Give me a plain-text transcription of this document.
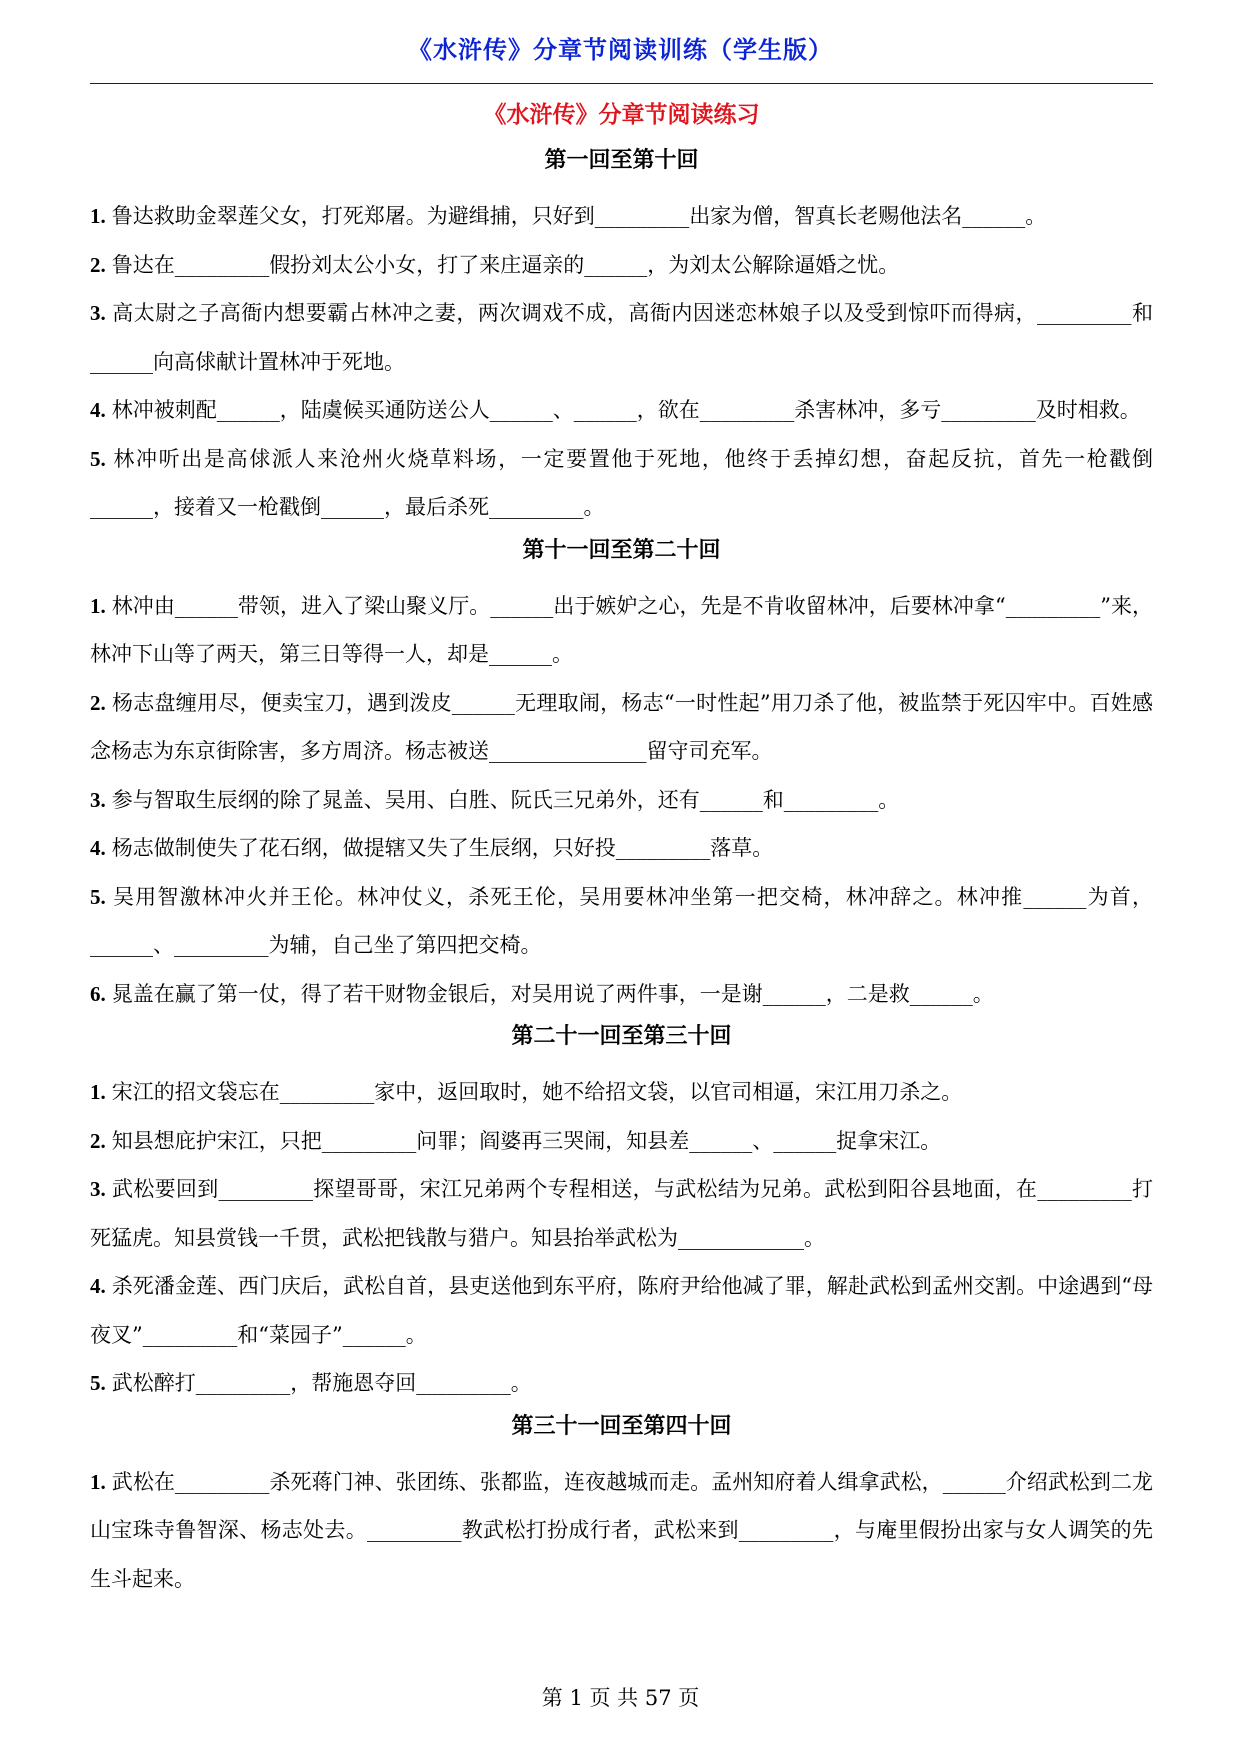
《水浒传》分章节阅读训练（学生版）
《水浒传》分章节阅读练习
第一回至第十回

1. 鲁达救助金翠莲父女，打死郑屠。为避缉捕，只好到_________出家为僧，智真长老赐他法名______。

2. 鲁达在_________假扮刘太公小女，打了来庄逼亲的______，为刘太公解除逼婚之忧。

3. 高太尉之子高衙内想要霸占林冲之妻，两次调戏不成，高衙内因迷恋林娘子以及受到惊吓而得病，_________和______向高俅献计置林冲于死地。

4. 林冲被刺配______，陆虞候买通防送公人______、______，欲在_________杀害林冲，多亏_________及时相救。

5. 林冲听出是高俅派人来沧州火烧草料场，一定要置他于死地，他终于丢掉幻想，奋起反抗，首先一枪戳倒______，接着又一枪戳倒______，最后杀死_________。

第十一回至第二十回

1. 林冲由______带领，进入了梁山聚义厅。______出于嫉妒之心，先是不肯收留林冲，后要林冲拿“_________”来，林冲下山等了两天，第三日等得一人，却是______。

2. 杨志盘缠用尽，便卖宝刀，遇到泼皮______无理取闹，杨志“一时性起”用刀杀了他，被监禁于死囚牢中。百姓感念杨志为东京街除害，多方周济。杨志被送_______________留守司充军。

3. 参与智取生辰纲的除了晁盖、吴用、白胜、阮氏三兄弟外，还有______和_________。

4. 杨志做制使失了花石纲，做提辖又失了生辰纲，只好投_________落草。

5. 吴用智激林冲火并王伦。林冲仗义，杀死王伦，吴用要林冲坐第一把交椅，林冲辞之。林冲推______为首，______、_________为辅，自己坐了第四把交椅。

6. 晁盖在赢了第一仗，得了若干财物金银后，对吴用说了两件事，一是谢______，二是救______。

第二十一回至第三十回

1. 宋江的招文袋忘在_________家中，返回取时，她不给招文袋，以官司相逼，宋江用刀杀之。

2. 知县想庇护宋江，只把_________问罪；阎婆再三哭闹，知县差______、______捉拿宋江。

3. 武松要回到_________探望哥哥，宋江兄弟两个专程相送，与武松结为兄弟。武松到阳谷县地面，在_________打死猛虎。知县赏钱一千贯，武松把钱散与猎户。知县抬举武松为____________。

4. 杀死潘金莲、西门庆后，武松自首，县吏送他到东平府，陈府尹给他减了罪，解赴武松到孟州交割。中途遇到“母夜叉”_________和“菜园子”______。

5. 武松醉打_________，帮施恩夺回_________。

第三十一回至第四十回

1. 武松在_________杀死蒋门神、张团练、张都监，连夜越城而走。孟州知府着人缉拿武松，______介绍武松到二龙山宝珠寺鲁智深、杨志处去。_________教武松打扮成行者，武松来到_________，与庵里假扮出家与女人调笑的先生斗起来。

第 1 页 共 57 页
